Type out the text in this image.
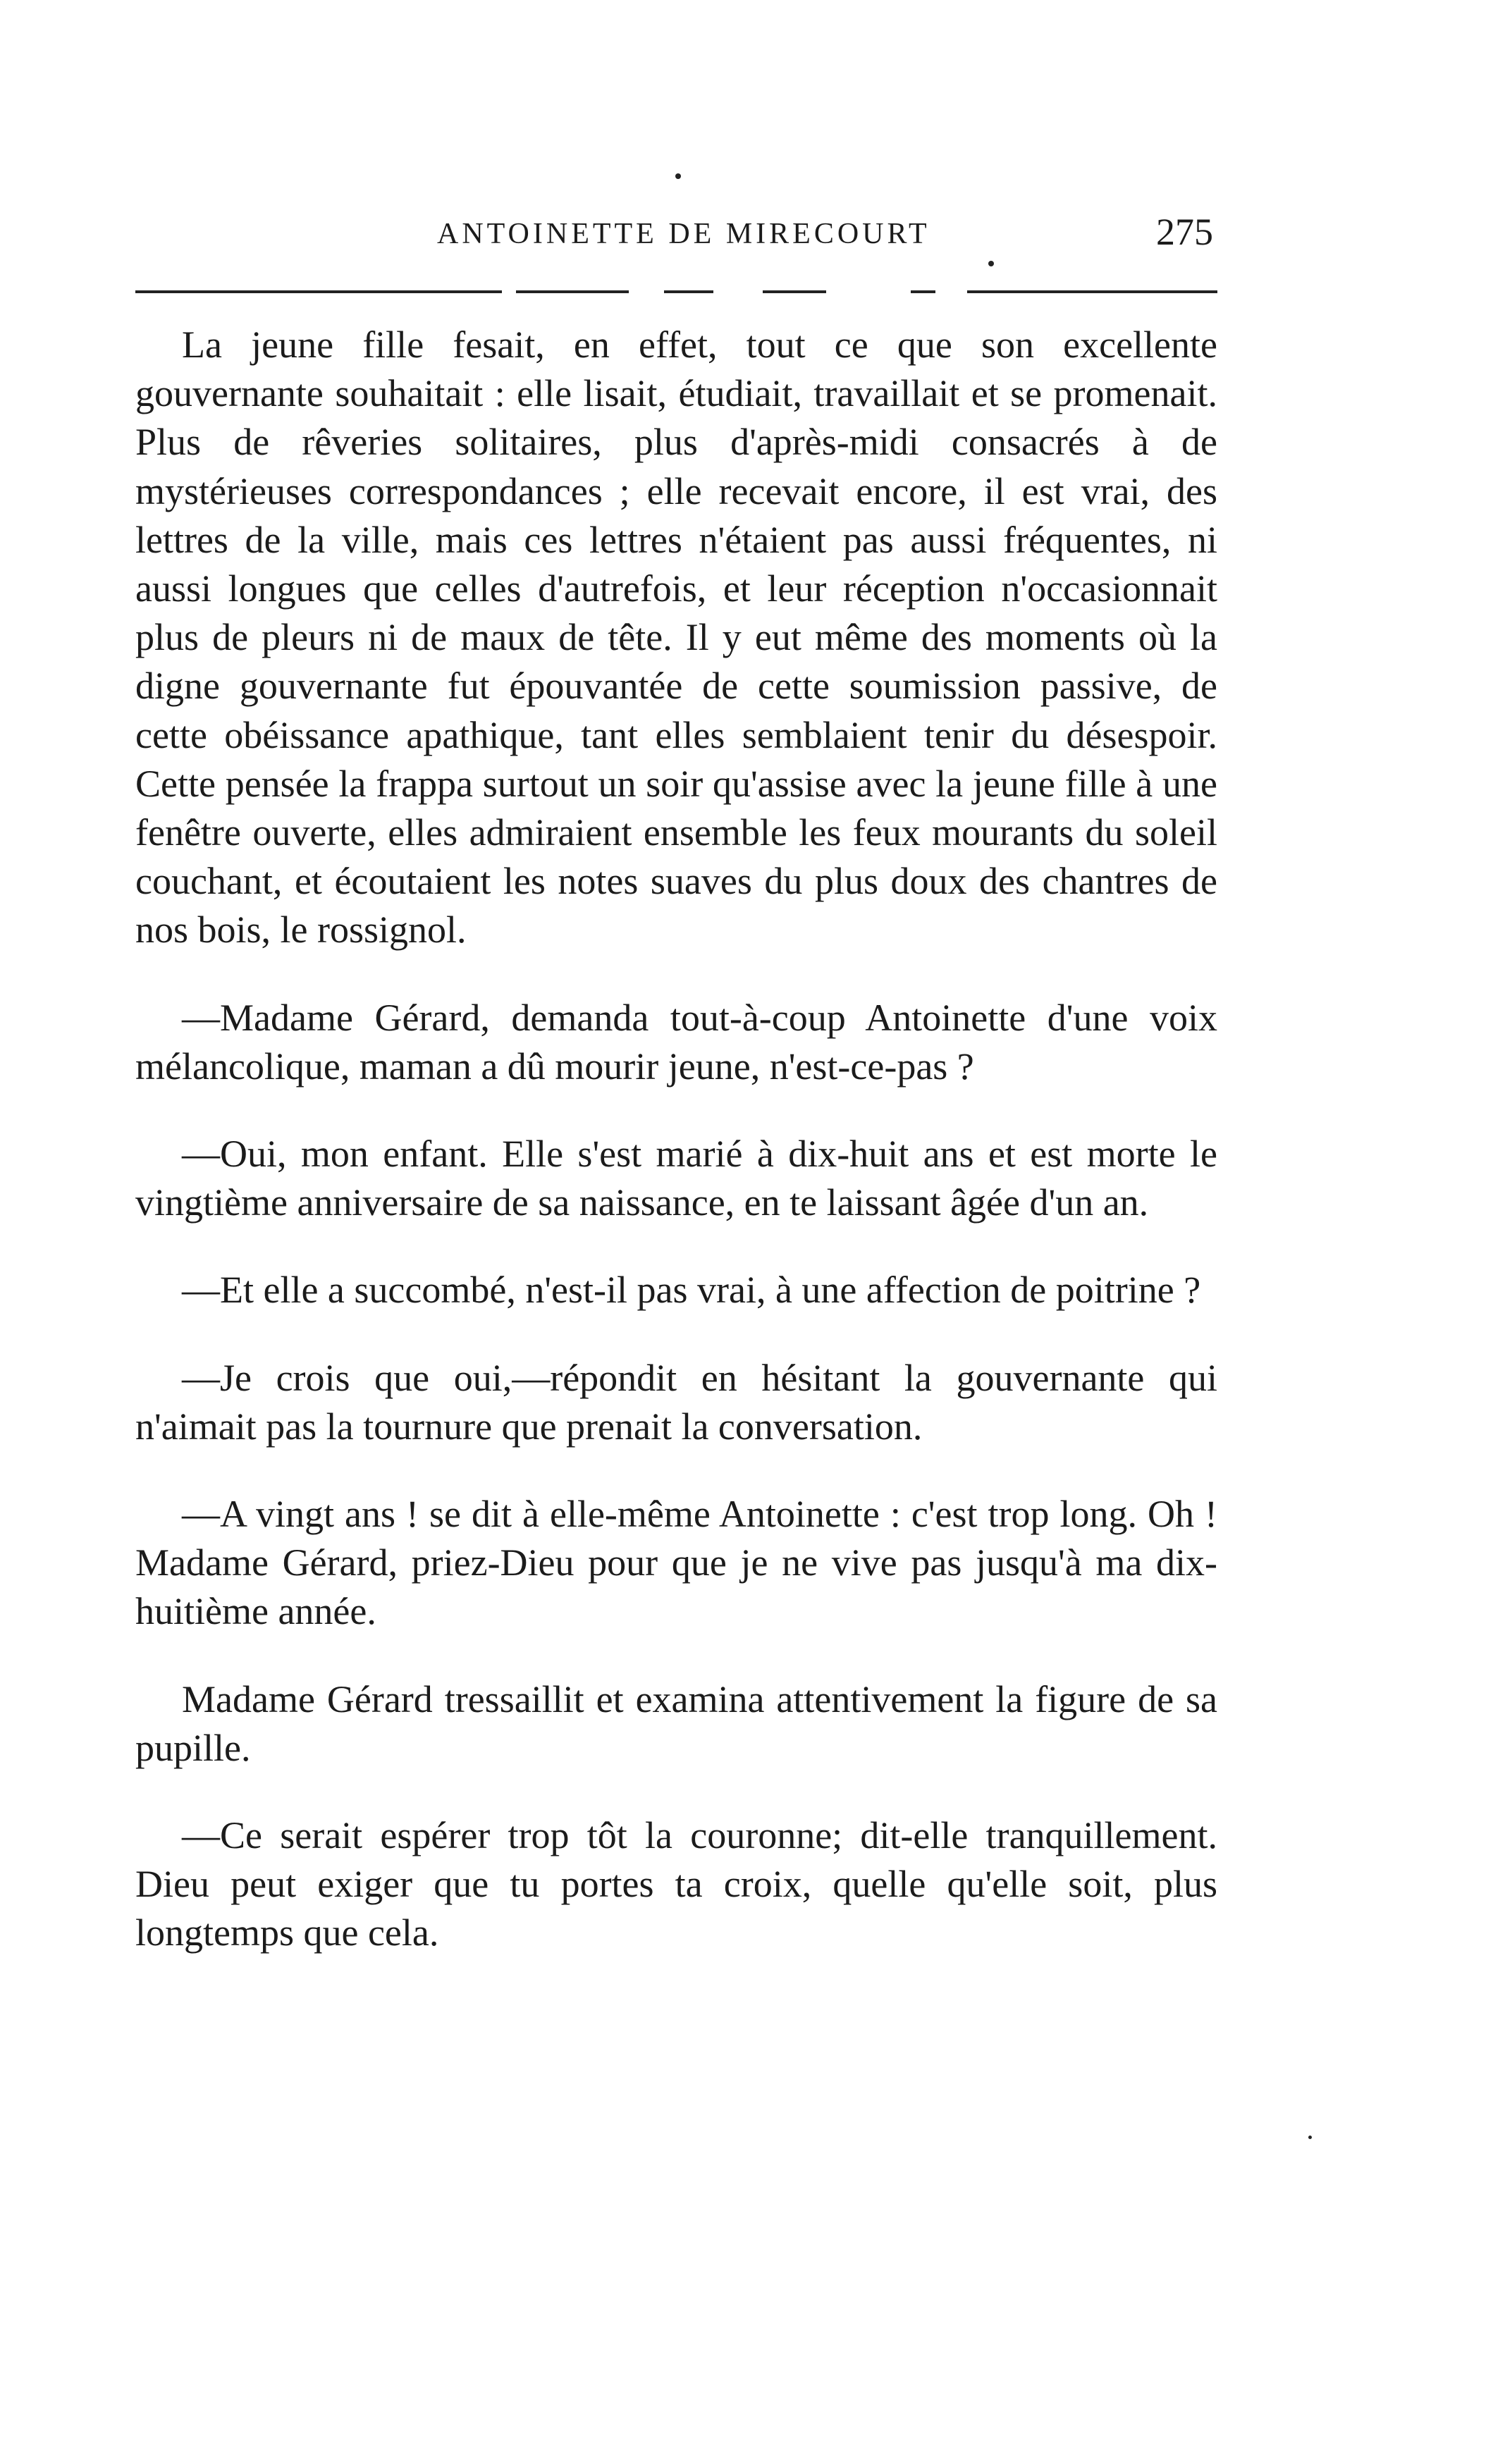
ANTOINETTE DE MIRECOURT	275

La jeune fille fesait, en effet, tout ce que son excellente gouvernante souhaitait : elle lisait, étudiait, travaillait et se promenait. Plus de rêveries solitaires, plus d'après-midi consacrés à de mystérieuses correspondances ; elle recevait encore, il est vrai, des lettres de la ville, mais ces lettres n'étaient pas aussi fréquentes, ni aussi longues que celles d'autrefois, et leur réception n'occasionnait plus de pleurs ni de maux de tête. Il y eut même des moments où la digne gouvernante fut épouvantée de cette soumission passive, de cette obéissance apathique, tant elles semblaient tenir du désespoir. Cette pensée la frappa surtout un soir qu'assise avec la jeune fille à une fenêtre ouverte, elles admiraient ensemble les feux mourants du soleil couchant, et écoutaient les notes suaves du plus doux des chantres de nos bois, le rossignol.

—Madame Gérard, demanda tout-à-coup Antoinette d'une voix mélancolique, maman a dû mourir jeune, n'est-ce-pas ?

—Oui, mon enfant. Elle s'est marié à dix-huit ans et est morte le vingtième anniversaire de sa naissance, en te laissant âgée d'un an.

—Et elle a succombé, n'est-il pas vrai, à une affection de poitrine ?

—Je crois que oui,—répondit en hésitant la gouvernante qui n'aimait pas la tournure que prenait la conversation.

—A vingt ans ! se dit à elle-même Antoinette : c'est trop long. Oh ! Madame Gérard, priez-Dieu pour que je ne vive pas jusqu'à ma dix-huitième année.

Madame Gérard tressaillit et examina attentivement la figure de sa pupille.

—Ce serait espérer trop tôt la couronne; dit-elle tranquillement. Dieu peut exiger que tu portes ta croix, quelle qu'elle soit, plus longtemps que cela.
